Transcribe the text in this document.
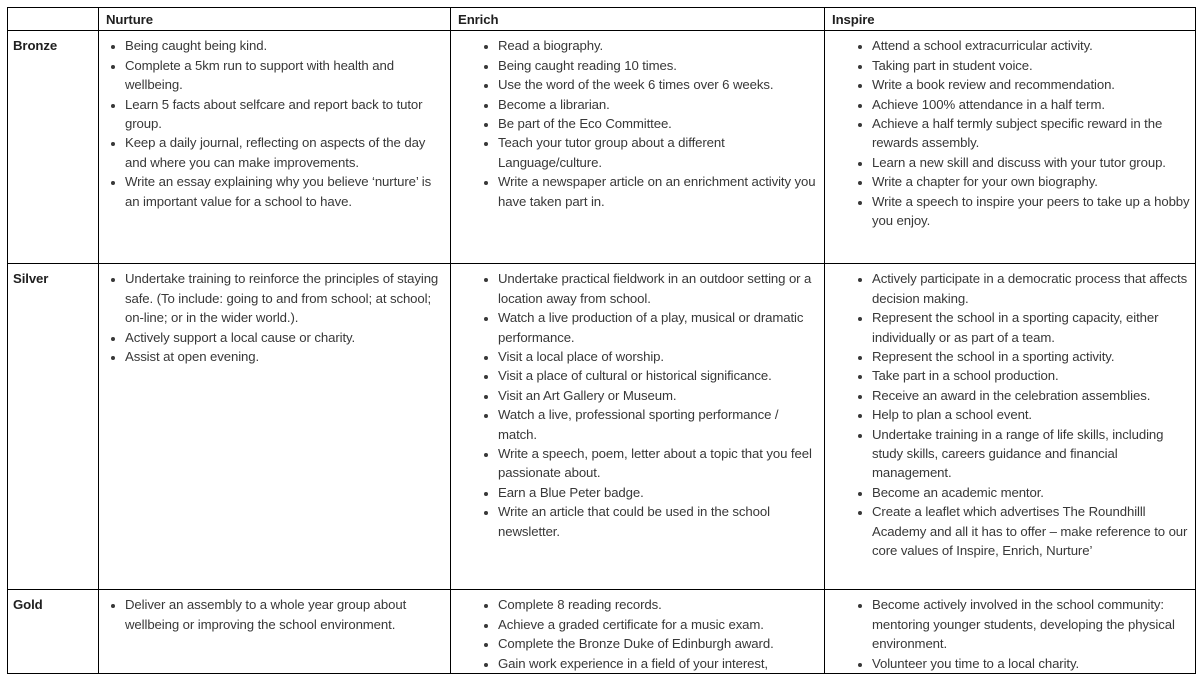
	Nurture	Enrich	Inspire
Bronze	
•Being caught being kind.
• Complete a 5km run to support with health and wellbeing.
• Learn 5 facts about selfcare and report back to tutor group.
• Keep a daily journal, reflecting on aspects of the day and where you can make improvements.
• Write an essay explaining why you believe ‘nurture’ is an important value for a school to have.

• Read a biography.
• Being caught reading 10 times.
• Use the word of the week 6 times over 6 weeks.
• Become a librarian.
• Be part of the Eco Committee.
• Teach your tutor group about a different Language/culture.
• Write a newspaper article on an enrichment activity you have taken part in.

• Attend a school extracurricular activity.
• Taking part in student voice.
• Write a book review and recommendation.
• Achieve 100% attendance in a half term.
• Achieve a half termly subject specific reward in the rewards assembly.
• Learn a new skill and discuss with your tutor group.
• Write a chapter for your own biography.
• Write a speech to inspire your peers to take up a hobby you enjoy.

Silver	
•Undertake training to reinforce the principles of staying safe. (To include: going to and from school; at school; on-line; or in the wider world.).
• Actively support a local cause or charity.
• Assist at open evening.

• Undertake practical fieldwork in an outdoor setting or a location away from school.
• Watch a live production of a play, musical or dramatic performance.
• Visit a local place of worship.
• Visit a place of cultural or historical significance.
• Visit an Art Gallery or Museum.
• Watch a live, professional sporting performance / match.
• Write a speech, poem, letter about a topic that you feel passionate about.
• Earn a Blue Peter badge.
• Write an article that could be used in the school newsletter.

• Actively participate in a democratic process that affects decision making.
• Represent the school in a sporting capacity, either individually or as part of a team.
• Represent the school in a sporting activity.
• Take part in a school production.
• Receive an award in the celebration assemblies.
• Help to plan a school event.
• Undertake training in a range of life skills, including study skills, careers guidance and financial management.
• Become an academic mentor.
• Create a leaflet which advertises The Roundhilll Academy and all it has to offer – make reference to our core values of Inspire, Enrich, Nurture’

Gold	
•Deliver an assembly to a whole year group about wellbeing or improving the school environment.

• Complete 8 reading records.
• Achieve a graded certificate for a music exam.
• Complete the Bronze Duke of Edinburgh award.
• Gain work experience in a field of your interest,

• Become actively involved in the school community: mentoring younger students, developing the physical environment.
• Volunteer you time to a local charity.
